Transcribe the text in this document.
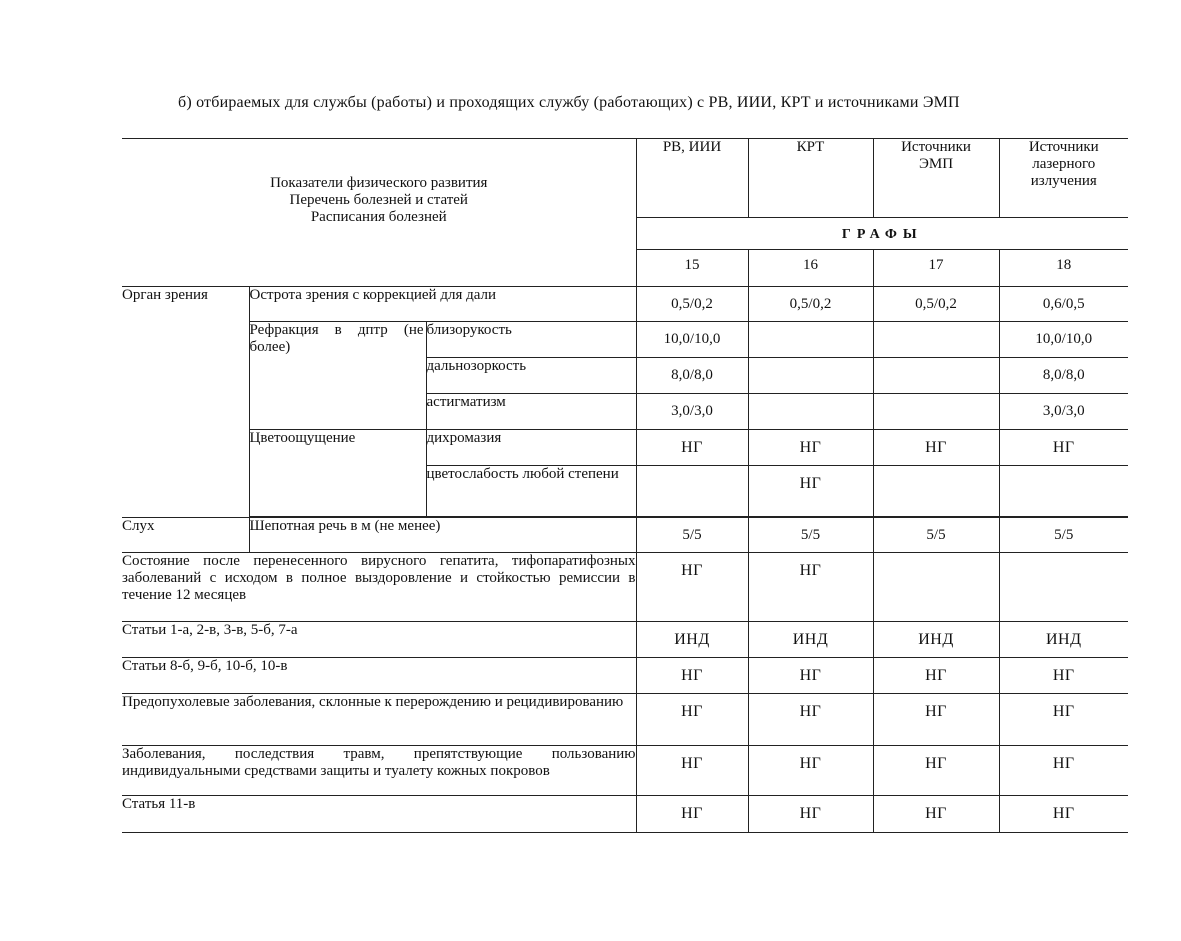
б) отбираемых для службы (работы) и проходящих службу (работающих) с РВ, ИИИ, КРТ и источниками ЭМП
Показатели физического развития
Перечень болезней и статей
Расписания болезней			РВ, ИИИ	КРТ	Источники ЭМП	Источники лазерного излучения

			ГРАФЫ			
			15	16	17	18
Орган зрения	Острота зрения с коррекцией для дали		0,5/0,2	0,5/0,2	0,5/0,2	0,6/0,5

	Рефракция в дптр (не более)	близорукость	10,0/10,0			10,0/10,0
		дальнозоркость	8,0/8,0			8,0/8,0
		астигматизм	3,0/3,0			3,0/3,0
	Цветоощущение	дихромазия	НГ	НГ	НГ	НГ

		цветослабость любой степени		НГ		

Слух	Шепотная речь в м (не менее)		5/5	5/5	5/5	5/5

Состояние после перенесенного вирусного гепатита, тифопаратифозных заболеваний с исходом в полное выздоровление и стойкостью ремиссии в течение 12 месяцев			НГ	НГ		
Статьи 1-а, 2-в, 3-в, 5-б, 7-а			ИНД	ИНД	ИНД	ИНД
Статьи 8-б, 9-б, 10-б, 10-в			НГ	НГ	НГ	НГ

Предопухолевые заболевания, склонные к перерождению и рецидивированию			НГ	НГ	НГ	НГ

Заболевания, последствия травм, препятствующие пользованию индивидуальными средствами защиты и туалету кожных покровов			НГ	НГ	НГ	НГ
Статья 11-в			НГ	НГ	НГ	НГ
